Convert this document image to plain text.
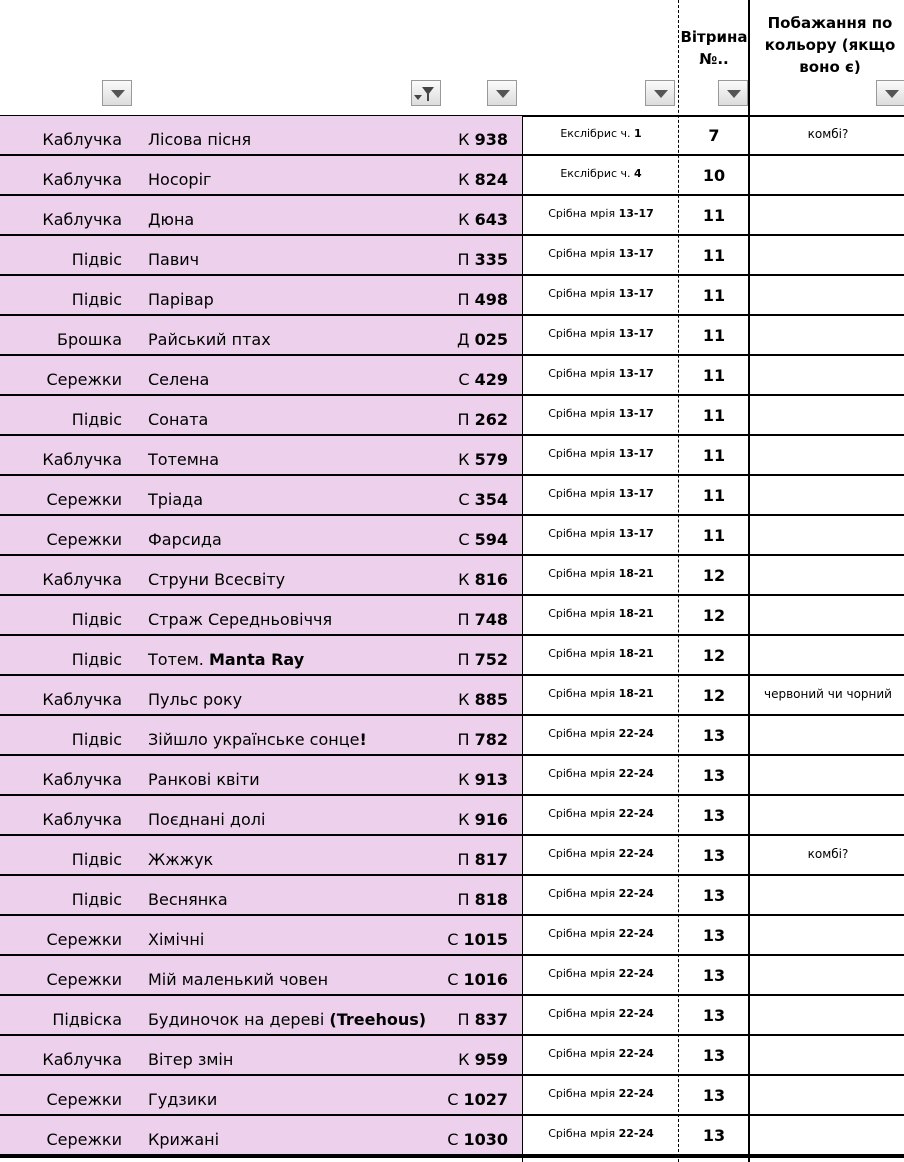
Вітрина №..
Побажання по кольору (якщо воно є)
Каблучка Лісова пісня	К 938	Екслібрис ч. 1	7	комбі?
Каблучка Носоріг	К 824	Екслібрис ч. 4	10
Каблучка Дюна	К 643	Срібна мрія 13-17	11
Підвіс Павич	П 335	Срібна мрія 13-17	11
Підвіс Парівар	П 498	Срібна мрія 13-17	11
Брошка Райський птах	Д 025	Срібна мрія 13-17	11
Сережки Селена	С 429	Срібна мрія 13-17	11
Підвіс Соната	П 262	Срібна мрія 13-17	11
Каблучка Тотемна	К 579	Срібна мрія 13-17	11
Сережки Тріада	С 354	Срібна мрія 13-17	11
Сережки Фарсида	С 594	Срібна мрія 13-17	11
Каблучка Струни Всесвіту	К 816	Срібна мрія 18-21	12
Підвіс Страж Середньовіччя	П 748	Срібна мрія 18-21	12
Підвіс Тотем. Manta Ray	П 752	Срібна мрія 18-21	12
Каблучка Пульс року	К 885	Срібна мрія 18-21	12	червоний чи чорний
Підвіс Зійшло українське сонце!	П 782	Срібна мрія 22-24	13
Каблучка Ранкові квіти	К 913	Срібна мрія 22-24	13
Каблучка Поєднані долі	К 916	Срібна мрія 22-24	13
Підвіс Жжжук	П 817	Срібна мрія 22-24	13	комбі?
Підвіс Веснянка	П 818	Срібна мрія 22-24	13
Сережки Хімічні	С 1015	Срібна мрія 22-24	13
Сережки Мій маленький човен	С 1016	Срібна мрія 22-24	13
Підвіска Будиночок на дереві (Treehous) П 837	Срібна мрія 22-24	13
Каблучка Вітер змін	К 959	Срібна мрія 22-24	13
Сережки Гудзики	С 1027	Срібна мрія 22-24	13
Сережки Крижані	С 1030	Срібна мрія 22-24	13
